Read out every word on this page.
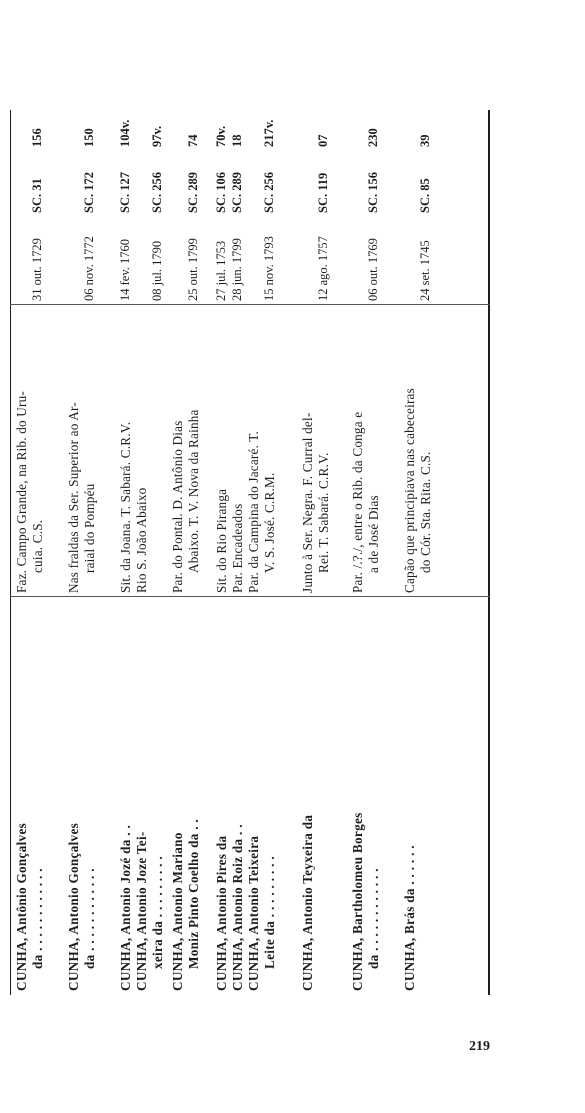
CUNHA, Antônio Gonçalves da . . . . . . . . . . . .
Faz. Campo Grande, na Rib. do Uru- cuia. C.S.
31 out. 1729
SC. 31
156
CUNHA, Antonio Gonçalves da . . . . . . . . . . . .
Nas fraldas da Ser. Superior ao Ar- raial do Pompéu
06 nov. 1772
SC. 172
150
CUNHA, Antonio Jozé da . .
Sit. da Joana. T. Sabará. C.R.V.
14 fev. 1760
SC. 127
104v.
CUNHA, Antonio Joze Tei- xeira da . . . . . . . . .
Rio S. João Abaixo
08 jul. 1790
SC. 256
97v.
CUNHA, Antonio Mariano Moniz Pinto Coelho da . .
Par. do Pontal. D. Antônio Dias Abaixo. T. V. Nova da Rainha
25 out. 1799
SC. 289
74
CUNHA, Antonio Pires da
Sit. do Rio Piranga
27 jul. 1753
SC. 106
70v.
CUNHA, Antonio Roiz da . .
Par. Encadeados
28 jun. 1799
SC. 289
18
CUNHA, Antonio Teixeira Leite da . . . . . . . . .
Par. da Campina do Jacaré. T. V. S. José. C.R.M.
15 nov. 1793
SC. 256
217v.
CUNHA, Antonio Teyxeira da
Junto à Ser. Negra. F. Curral del- Rei. T. Sabará. C.R.V.
12 ago. 1757
SC. 119
07
CUNHA, Bartholomeu Borges da . . . . . . . . . . . .
Par. /.?./, entre o Rib. da Conga e a de José Dias
06 out. 1769
SC. 156
230
CUNHA, Brás da . . . . . .
Capão que principiava nas cabeceiras do Cór. Sta. Rita. C.S.
24 set. 1745
SC. 85
39
219
